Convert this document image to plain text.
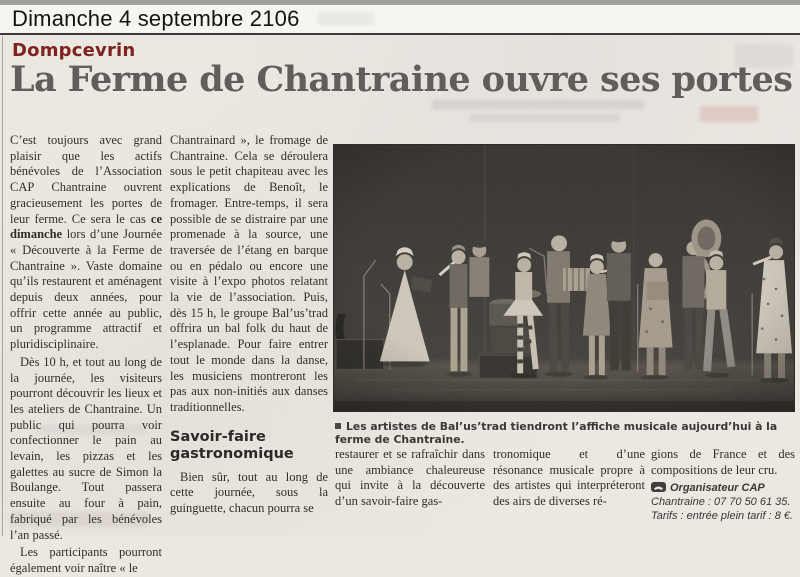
Dimanche 4 septembre 2106
Dompcevrin
La Ferme de Chantraine ouvre ses portes

C’est toujours avec grand plaisir que les actifs bénévoles de l’Association CAP Chantraine ouvrent gracieusement les portes de leur ferme. Ce sera le cas ce dimanche lors d’une Journée « Découverte à la Ferme de Chantraine ». Vaste domaine qu’ils restaurent et aménagent depuis deux années, pour offrir cette année au public, un programme attractif et pluridisciplinaire.

Dès 10 h, et tout au long de la journée, les visiteurs pourront découvrir les lieux et les ateliers de Chantraine. Un public qui pourra voir confectionner le pain au levain, les pizzas et les galettes au sucre de Simon la Boulange. Tout passera ensuite au four à pain, fabriqué par les bénévoles l’an passé.

Les participants pourront également voir naître « le

Chantrainard », le fromage de Chantraine. Cela se déroulera sous le petit chapiteau avec les explications de Benoît, le fromager. Entre-temps, il sera possible de se distraire par une promenade à la source, une traversée de l’étang en barque ou en pédalo ou encore une visite à l’expo photos relatant la vie de l’association. Puis, dès 15 h, le groupe Bal’us’trad offrira un bal folk du haut de l’esplanade. Pour faire entrer tout le monde dans la danse, les musiciens montreront les pas aux non-initiés aux danses traditionnelles.

Savoir-faire gastronomique

Bien sûr, tout au long de cette journée, sous la guinguette, chacun pourra se

Les artistes de Bal’us’trad tiendront l’affiche musicale aujourd’hui à la ferme de Chantraine.

restaurer et se rafraîchir dans une ambiance chaleureuse qui invite à la découverte d’un savoir-faire gas-

tronomique et d’une résonance musicale propre à des artistes qui interpréteront des airs de diverses ré-

gions de France et des compositions de leur cru.

Organisateur CAP
Chantraine : 07 70 50 61 35.
Tarifs : entrée plein tarif : 8 €.
